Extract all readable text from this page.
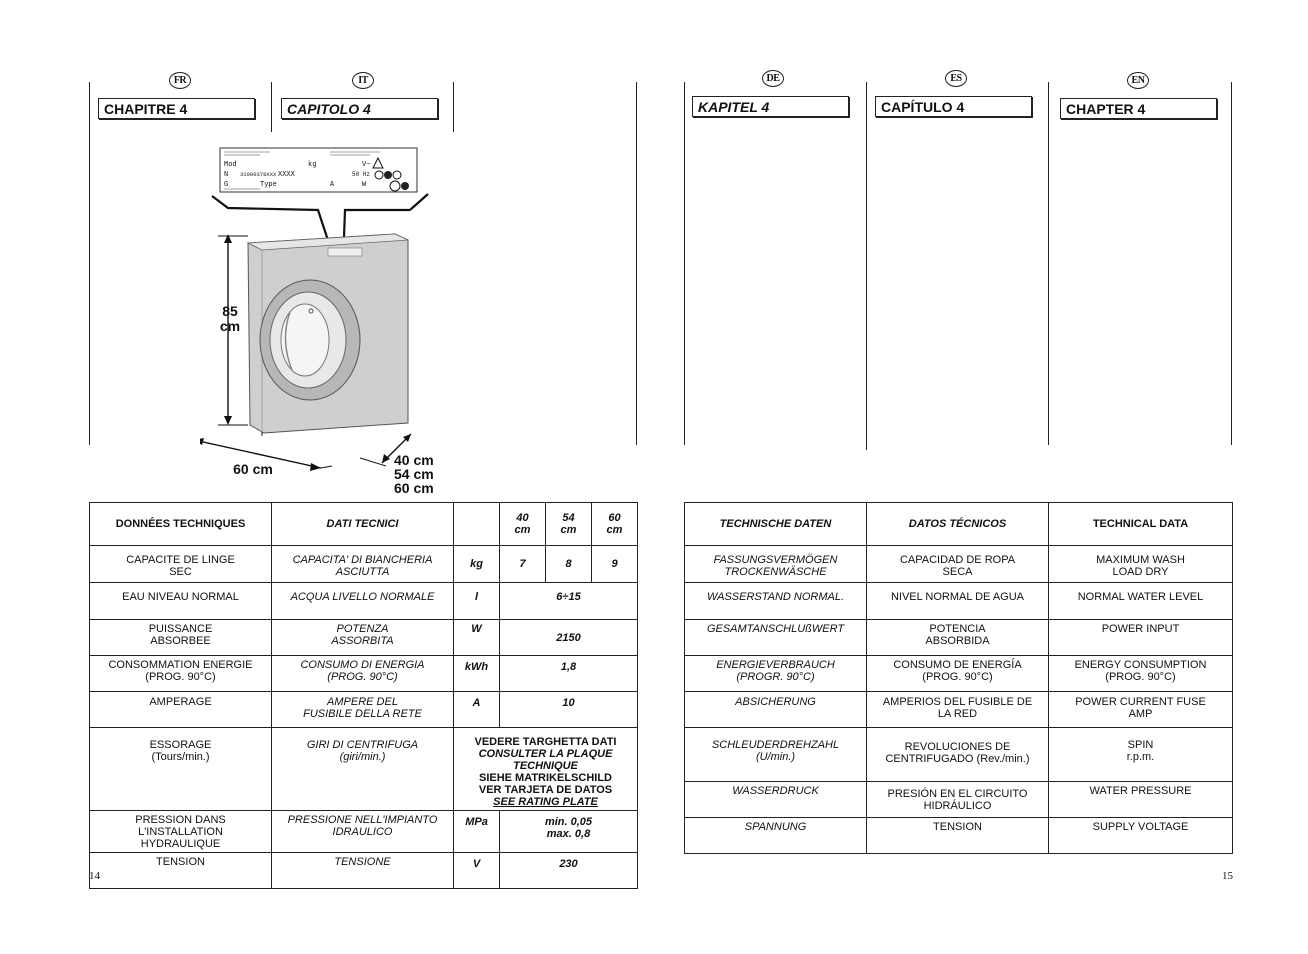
FR	IT
CHAPITRE 4	CAPITOLO 4
Mod
N 31000378XXX XXXX
G	Type
kg
50 Hz
A	W
V~
85 cm
60 cm
40 cm
54 cm
60 cm
DONNÉES TECHNIQUES	DATI TECNICI		40 cm	54 cm	60 cm
CAPACITE DE LINGE SEC	CAPACITA' DI BIANCHERIA ASCIUTTA	kg	7	8	9
EAU NIVEAU NORMAL	ACQUA LIVELLO NORMALE	l	6÷15		
PUISSANCE ABSORBEE	POTENZA ASSORBITA	W	2150		
CONSOMMATION ENERGIE (PROG. 90°C)	CONSUMO DI ENERGIA (PROG. 90°C)	kWh	1,8		
AMPERAGE	AMPERE DEL FUSIBILE DELLA RETE	A	10		
ESSORAGE (Tours/min.)	GIRI DI CENTRIFUGA (giri/min.)	VEDERE TARGHETTA DATI
CONSULTER LA PLAQUE TECHNIQUE
SIEHE MATRIKELSCHILD
VER TARJETA DE DATOS
SEE RATING PLATE			

PRESSION DANS L'INSTALLATION HYDRAULIQUE	PRESSIONE NELL'IMPIANTO IDRAULICO	MPa	min. 0,05
max. 0,8		

TENSION	TENSIONE	V	230		
14
DE	ES	EN
KAPITEL 4	CAPÍTULO 4	CHAPTER 4
TECHNISCHE DATEN	DATOS TÉCNICOS	TECHNICAL DATA
FASSUNGSVERMÖGEN TROCKENWÄSCHE	CAPACIDAD DE ROPA SECA	MAXIMUM WASH LOAD DRY
WASSERSTAND NORMAL.	NIVEL NORMAL DE AGUA	NORMAL WATER LEVEL
GESAMTANSCHLUßWERT	POTENCIA ABSORBIDA	POWER INPUT
ENERGIEVERBRAUCH (PROGR. 90°C)	CONSUMO DE ENERGÍA (PROG. 90°C)	ENERGY CONSUMPTION (PROG. 90°C)
ABSICHERUNG	AMPERIOS DEL FUSIBLE DE LA RED	POWER CURRENT FUSE AMP
SCHLEUDERDREHZAHL (U/min.)	REVOLUCIONES DE CENTRIFUGADO (Rev./min.)	SPIN r.p.m.
WASSERDRUCK	PRESIÓN EN EL CIRCUITO HIDRÁULICO	WATER PRESSURE
SPANNUNG	TENSION	SUPPLY VOLTAGE
15
